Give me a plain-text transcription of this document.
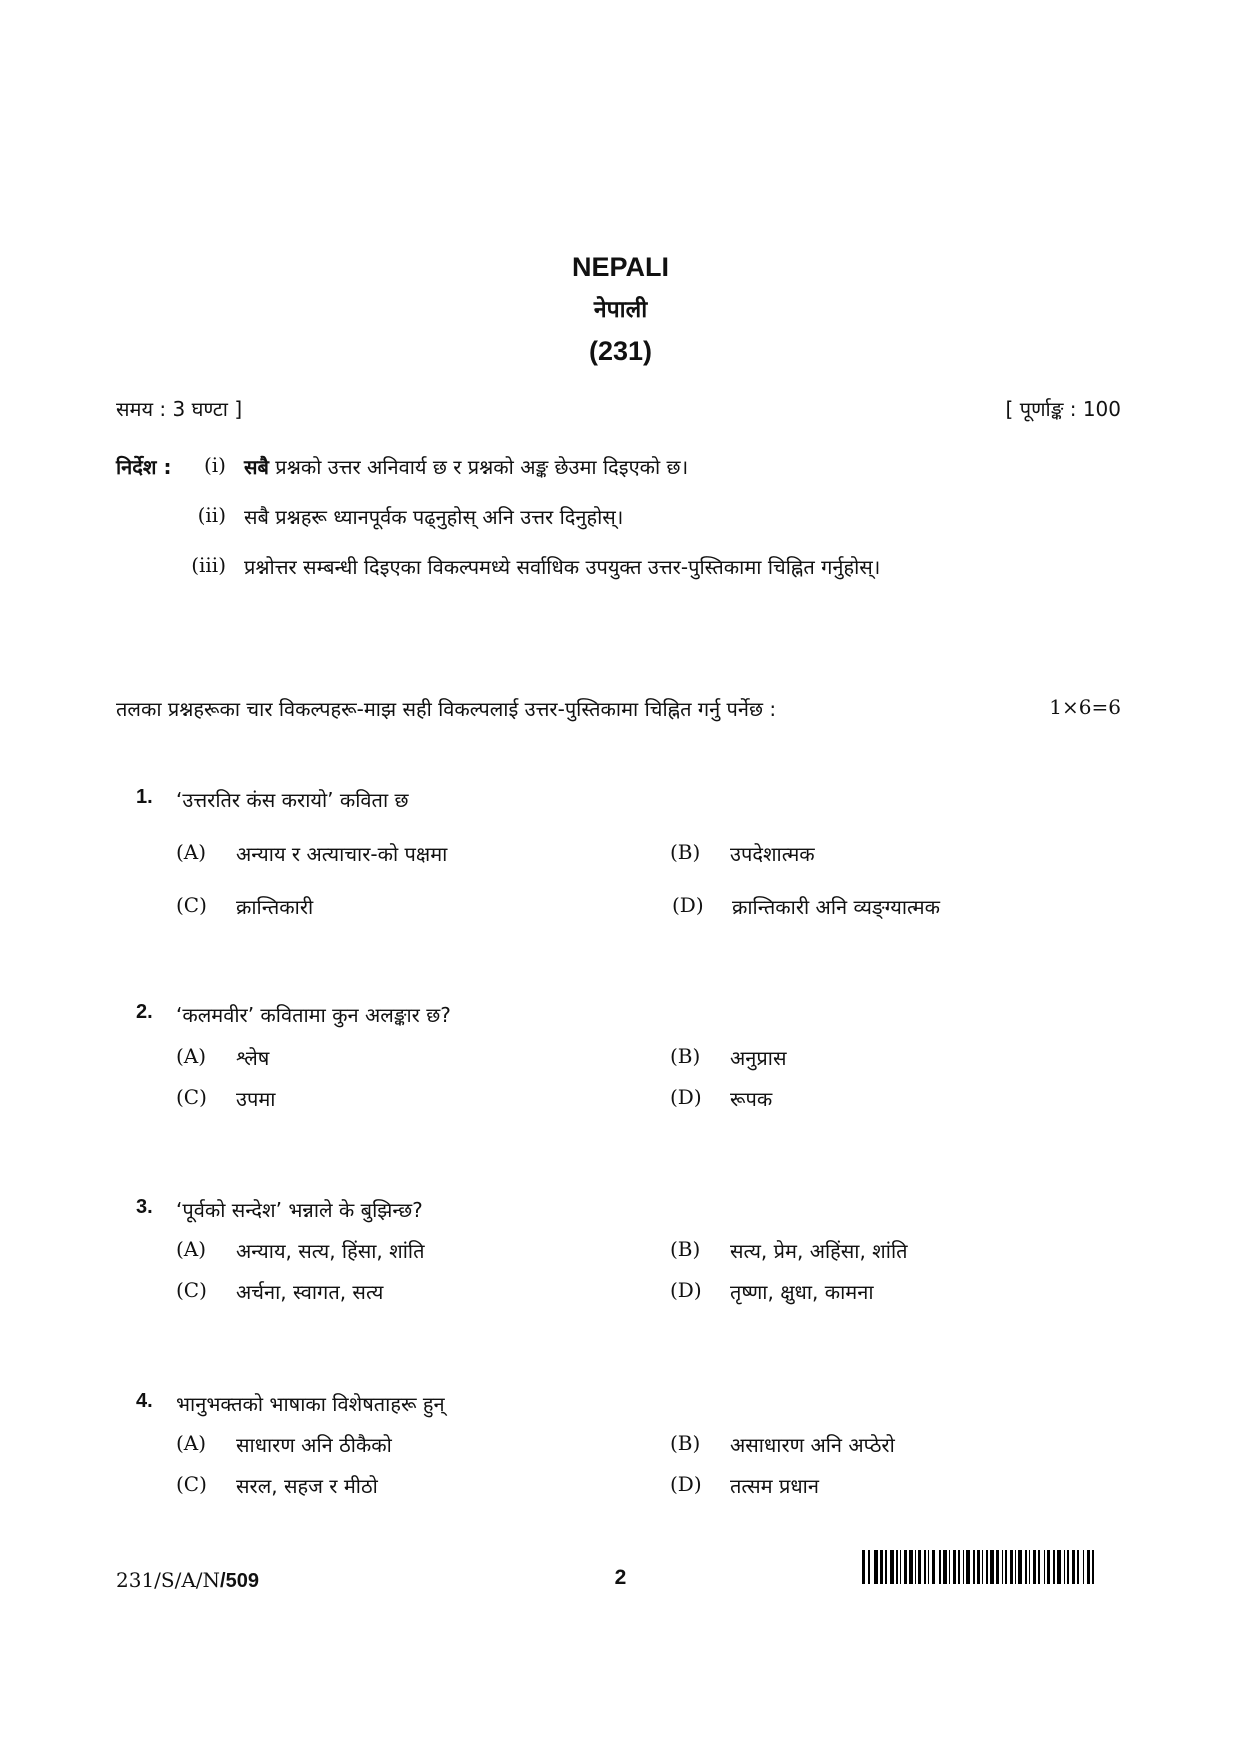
NEPALI
नेपाली
(231)
समय : 3 घण्टा ]	[ पूर्णाङ्क : 100
निर्देश :	(i) सबै प्रश्नको उत्तर अनिवार्य छ र प्रश्नको अङ्क छेउमा दिइएको छ।
(ii) सबै प्रश्नहरू ध्यानपूर्वक पढ्नुहोस् अनि उत्तर दिनुहोस्।
(iii) प्रश्नोत्तर सम्बन्धी दिइएका विकल्पमध्ये सर्वाधिक उपयुक्त उत्तर-पुस्तिकामा चिह्नित गर्नुहोस्।
तलका प्रश्नहरूका चार विकल्पहरू-माझ सही विकल्पलाई उत्तर-पुस्तिकामा चिह्नित गर्नु पर्नेछ :	1×6=6
1.	‘उत्तरतिर कंस करायो’ कविता छ
(A)	अन्याय र अत्याचार-को पक्षमा	(B)	उपदेशात्मक
(C)	क्रान्तिकारी	(D)	क्रान्तिकारी अनि व्यङ्ग्यात्मक
2.	‘कलमवीर’ कवितामा कुन अलङ्कार छ?
(A)	श्लेष	(B)	अनुप्रास
(C)	उपमा	(D)	रूपक
3.	‘पूर्वको सन्देश’ भन्नाले के बुझिन्छ?
(A)	अन्याय, सत्य, हिंसा, शांति	(B)	सत्य, प्रेम, अहिंसा, शांति
(C)	अर्चना, स्वागत, सत्य	(D)	तृष्णा, क्षुधा, कामना
4.	भानुभक्तको भाषाका विशेषताहरू हुन्
(A)	साधारण अनि ठीकैको	(B)	असाधारण अनि अप्ठेरो
(C)	सरल, सहज र मीठो	(D)	तत्सम प्रधान
231/S/A/N/509	2
